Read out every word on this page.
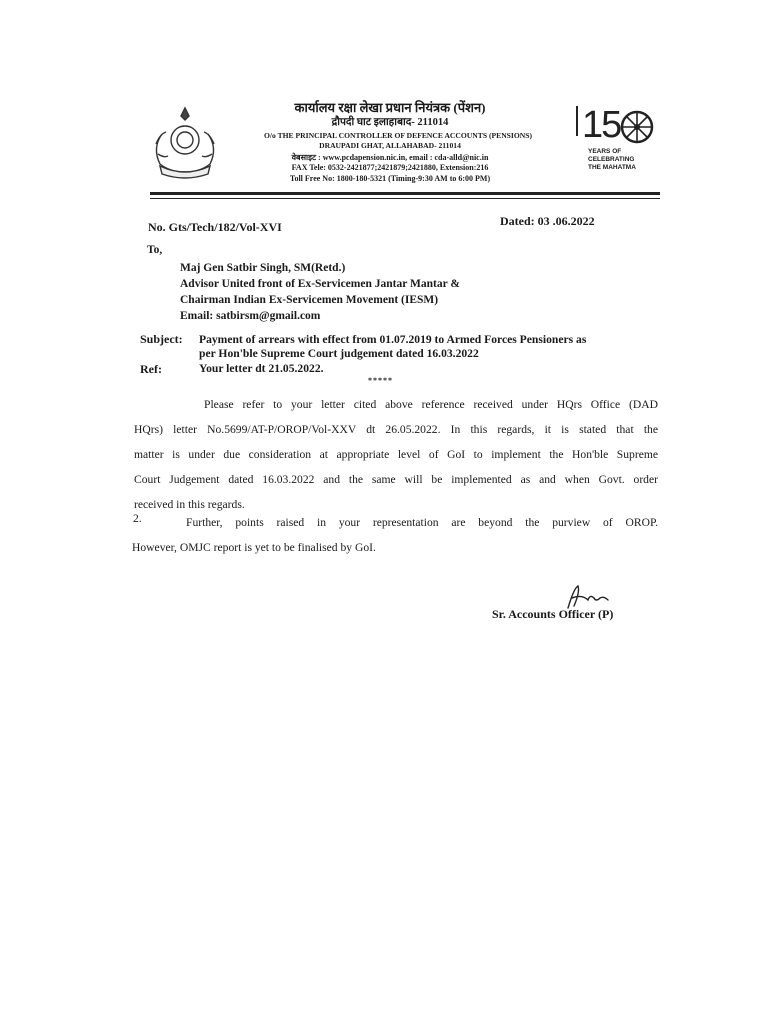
कार्यालय रक्षा लेखा प्रधान नियंत्रक (पेंशन)
द्रौपदी घाट इलाहाबाद- 211014
O/o THE PRINCIPAL CONTROLLER OF DEFENCE ACCOUNTS (PENSIONS)
DRAUPADI GHAT, ALLAHABAD- 211014
वेबसाइट : www.pcdapension.nic.in, email : cda-alld@nic.in
FAX Tele: 0532-2421877;2421879;2421880, Extension:216
Toll Free No: 1800-180-5321 (Timing-9:30 AM to 6:00 PM)
15
YEARS OF
CELEBRATING
THE MAHATMA
No. Gts/Tech/182/Vol-XVI	Dated: 03 .06.2022
To,
Maj Gen Satbir Singh, SM(Retd.)
Advisor United front of Ex-Servicemen Jantar Mantar &
Chairman Indian Ex-Servicemen Movement (IESM)
Email: satbirsm@gmail.com
Subject: Payment of arrears with effect from 01.07.2019 to Armed Forces Pensioners as
per Hon'ble Supreme Court judgement dated 16.03.2022
Ref:	Your letter dt 21.05.2022.
*****
Please refer to your letter cited above reference received under HQrs Office (DAD
HQrs) letter No.5699/AT-P/OROP/Vol-XXV dt 26.05.2022. In this regards, it is stated that the
matter is under due consideration at appropriate level of GoI to implement the Hon'ble Supreme
Court Judgement dated 16.03.2022 and the same will be implemented as and when Govt. order
received in this regards.
2.	Further, points raised in your representation are beyond the purview of OROP.
However, OMJC report is yet to be finalised by GoI.
Sr. Accounts Officer (P)
